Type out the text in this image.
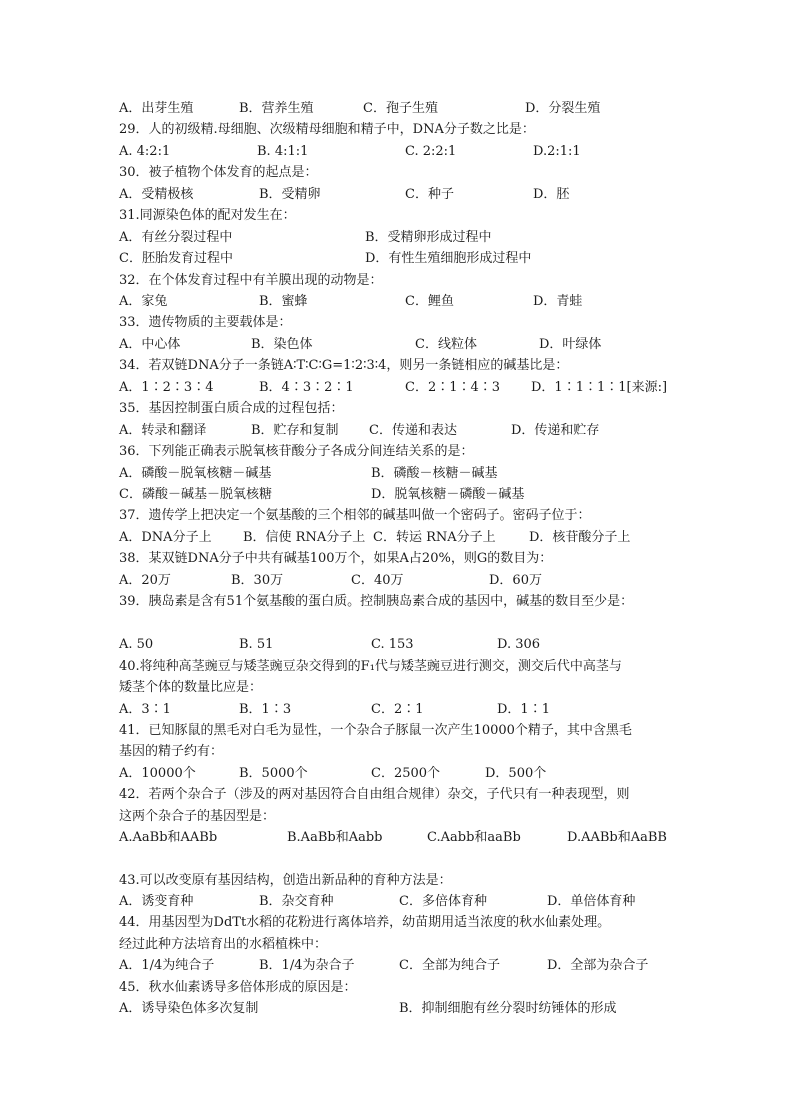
A．出芽生殖	B．营养生殖	C．孢子生殖	D．分裂生殖
29．人的初级精.母细胞、次级精母细胞和精子中，DNA分子数之比是：
A. 4:2:1	B. 4:1:1	C. 2:2:1	D.2:1:1
30．被子植物个体发育的起点是：
A．受精极核	B．受精卵	C．种子	D．胚
31.同源染色体的配对发生在：
A．有丝分裂过程中	B．受精卵形成过程中
C．胚胎发育过程中	D．有性生殖细胞形成过程中
32．在个体发育过程中有羊膜出现的动物是：
A．家兔	B．蜜蜂	C．鲤鱼	D．青蛙
33．遗传物质的主要载体是：
A．中心体	B．染色体	C．线粒体	D．叶绿体
34．若双链DNA分子一条链A∶T∶C∶G=1∶2∶3∶4，则另一条链相应的碱基比是：
A．1∶2∶3∶4	B．4∶3∶2∶1	C．2∶1∶4∶3 D．1∶1∶1∶1[来源:]
35．基因控制蛋白质合成的过程包括：
A．转录和翻译	B．贮存和复制 C．传递和表达	D．传递和贮存
36．下列能正确表示脱氧核苷酸分子各成分间连结关系的是：
A．磷酸－脱氧核糖－碱基	B．磷酸－核糖－碱基
C．磷酸－碱基－脱氧核糖	D．脱氧核糖－磷酸－碱基
37．遗传学上把决定一个氨基酸的三个相邻的碱基叫做一个密码子。密码子位于：
A．DNA分子上 B．信使 RNA分子上 C．转运 RNA分子上	D．核苷酸分子上
38．某双链DNA分子中共有碱基100万个，如果A占20%，则G的数目为：
A．20万	B．30万	C．40万	D．60万
39．胰岛素是含有51个氨基酸的蛋白质。控制胰岛素合成的基因中，碱基的数目至少是：
A. 50	B. 51	C. 153	D. 306
40.将纯种高茎豌豆与矮茎豌豆杂交得到的F₁代与矮茎豌豆进行测交，测交后代中高茎与
矮茎个体的数量比应是：
A．3∶1	B．1∶3	C．2∶1	D．1∶1
41．已知豚鼠的黑毛对白毛为显性，一个杂合子豚鼠一次产生10000个精子，其中含黑毛
基因的精子约有：
A．10000个	B．5000个	C．2500个	D．500个
42．若两个杂合子（涉及的两对基因符合自由组合规律）杂交，子代只有一种表现型，则
这两个杂合子的基因型是：
A.AaBb和AABb	B.AaBb和Aabb	C.Aabb和aaBb	D.AABb和AaBB
43.可以改变原有基因结构，创造出新品种的育种方法是：
A．诱变育种	B．杂交育种	C．多倍体育种	D．单倍体育种
44．用基因型为DdTt水稻的花粉进行离体培养，幼苗期用适当浓度的秋水仙素处理。
经过此种方法培育出的水稻植株中：
A．1/4为纯合子	B．1/4为杂合子	C．全部为纯合子	D．全部为杂合子
45．秋水仙素诱导多倍体形成的原因是：
A．诱导染色体多次复制	B．抑制细胞有丝分裂时纺锤体的形成
